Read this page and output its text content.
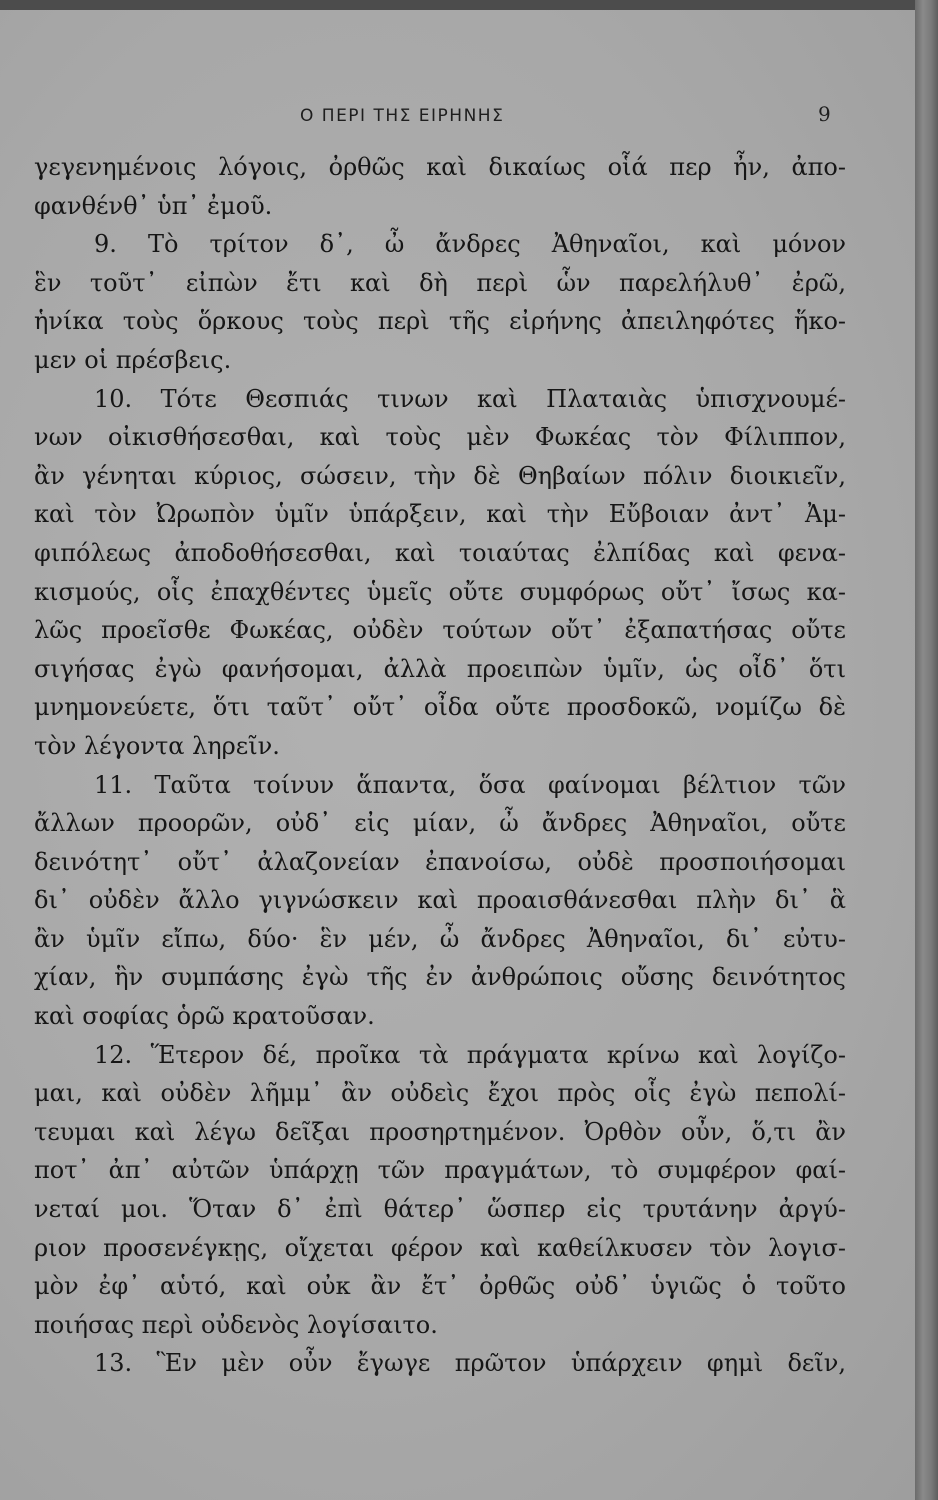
Ο ΠΕΡΙ ΤΗΣ ΕΙΡΗΝΗΣ	9
γεγενημένοις λόγοις, ὀρθῶς καὶ δικαίως οἷά περ ἦν, ἀπο-
φανθένθ᾽ ὑπ᾽ ἐμοῦ.
9. Τὸ τρίτον δ᾽, ὦ ἄνδρες Ἀθηναῖοι, καὶ μόνον
ἓν τοῦτ᾽ εἰπὼν ἔτι καὶ δὴ περὶ ὧν παρελήλυθ᾽ ἐρῶ,
ἡνίκα τοὺς ὅρκους τοὺς περὶ τῆς εἰρήνης ἀπειληφότες ἥκο-
μεν οἱ πρέσβεις.
10. Τότε Θεσπιάς τινων καὶ Πλαταιὰς ὑπισχνουμέ-
νων οἰκισθήσεσθαι, καὶ τοὺς μὲν Φωκέας τὸν Φίλιππον,
ἂν γένηται κύριος, σώσειν, τὴν δὲ Θηβαίων πόλιν διοικιεῖν,
καὶ τὸν Ὠρωπὸν ὑμῖν ὑπάρξειν, καὶ τὴν Εὔβοιαν ἀντ᾽ Ἀμ-
φιπόλεως ἀποδοθήσεσθαι, καὶ τοιαύτας ἐλπίδας καὶ φενα-
κισμούς, οἷς ἐπαχθέντες ὑμεῖς οὔτε συμφόρως οὔτ᾽ ἴσως κα-
λῶς προεῖσθε Φωκέας, οὐδὲν τούτων οὔτ᾽ ἐξαπατήσας οὔτε
σιγήσας ἐγὼ φανήσομαι, ἀλλὰ προειπὼν ὑμῖν, ὡς οἶδ᾽ ὅτι
μνημονεύετε, ὅτι ταῦτ᾽ οὔτ᾽ οἶδα οὔτε προσδοκῶ, νομίζω δὲ
τὸν λέγοντα ληρεῖν.
11. Ταῦτα τοίνυν ἅπαντα, ὅσα φαίνομαι βέλτιον τῶν
ἄλλων προορῶν, οὐδ᾽ εἰς μίαν, ὦ ἄνδρες Ἀθηναῖοι, οὔτε
δεινότητ᾽ οὔτ᾽ ἀλαζονείαν ἐπανοίσω, οὐδὲ προσποιήσομαι
δι᾽ οὐδὲν ἄλλο γιγνώσκειν καὶ προαισθάνεσθαι πλὴν δι᾽ ἃ
ἂν ὑμῖν εἴπω, δύο· ἓν μέν, ὦ ἄνδρες Ἀθηναῖοι, δι᾽ εὐτυ-
χίαν, ἣν συμπάσης ἐγὼ τῆς ἐν ἀνθρώποις οὔσης δεινότητος
καὶ σοφίας ὁρῶ κρατοῦσαν.
12. Ἕτερον δέ, προῖκα τὰ πράγματα κρίνω καὶ λογίζο-
μαι, καὶ οὐδὲν λῆμμ᾽ ἂν οὐδεὶς ἔχοι πρὸς οἷς ἐγὼ πεπολί-
τευμαι καὶ λέγω δεῖξαι προσηρτημένον. Ὀρθὸν οὖν, ὅ,τι ἂν
ποτ᾽ ἀπ᾽ αὐτῶν ὑπάρχῃ τῶν πραγμάτων, τὸ συμφέρον φαί-
νεταί μοι. Ὅταν δ᾽ ἐπὶ θάτερ᾽ ὥσπερ εἰς τρυτάνην ἀργύ-
ριον προσενέγκῃς, οἴχεται φέρον καὶ καθείλκυσεν τὸν λογισ-
μὸν ἐφ᾽ αὑτό, καὶ οὐκ ἂν ἔτ᾽ ὀρθῶς οὐδ᾽ ὑγιῶς ὁ τοῦτο
ποιήσας περὶ οὐδενὸς λογίσαιτο.
13. Ἓν μὲν οὖν ἔγωγε πρῶτον ὑπάρχειν φημὶ δεῖν,
